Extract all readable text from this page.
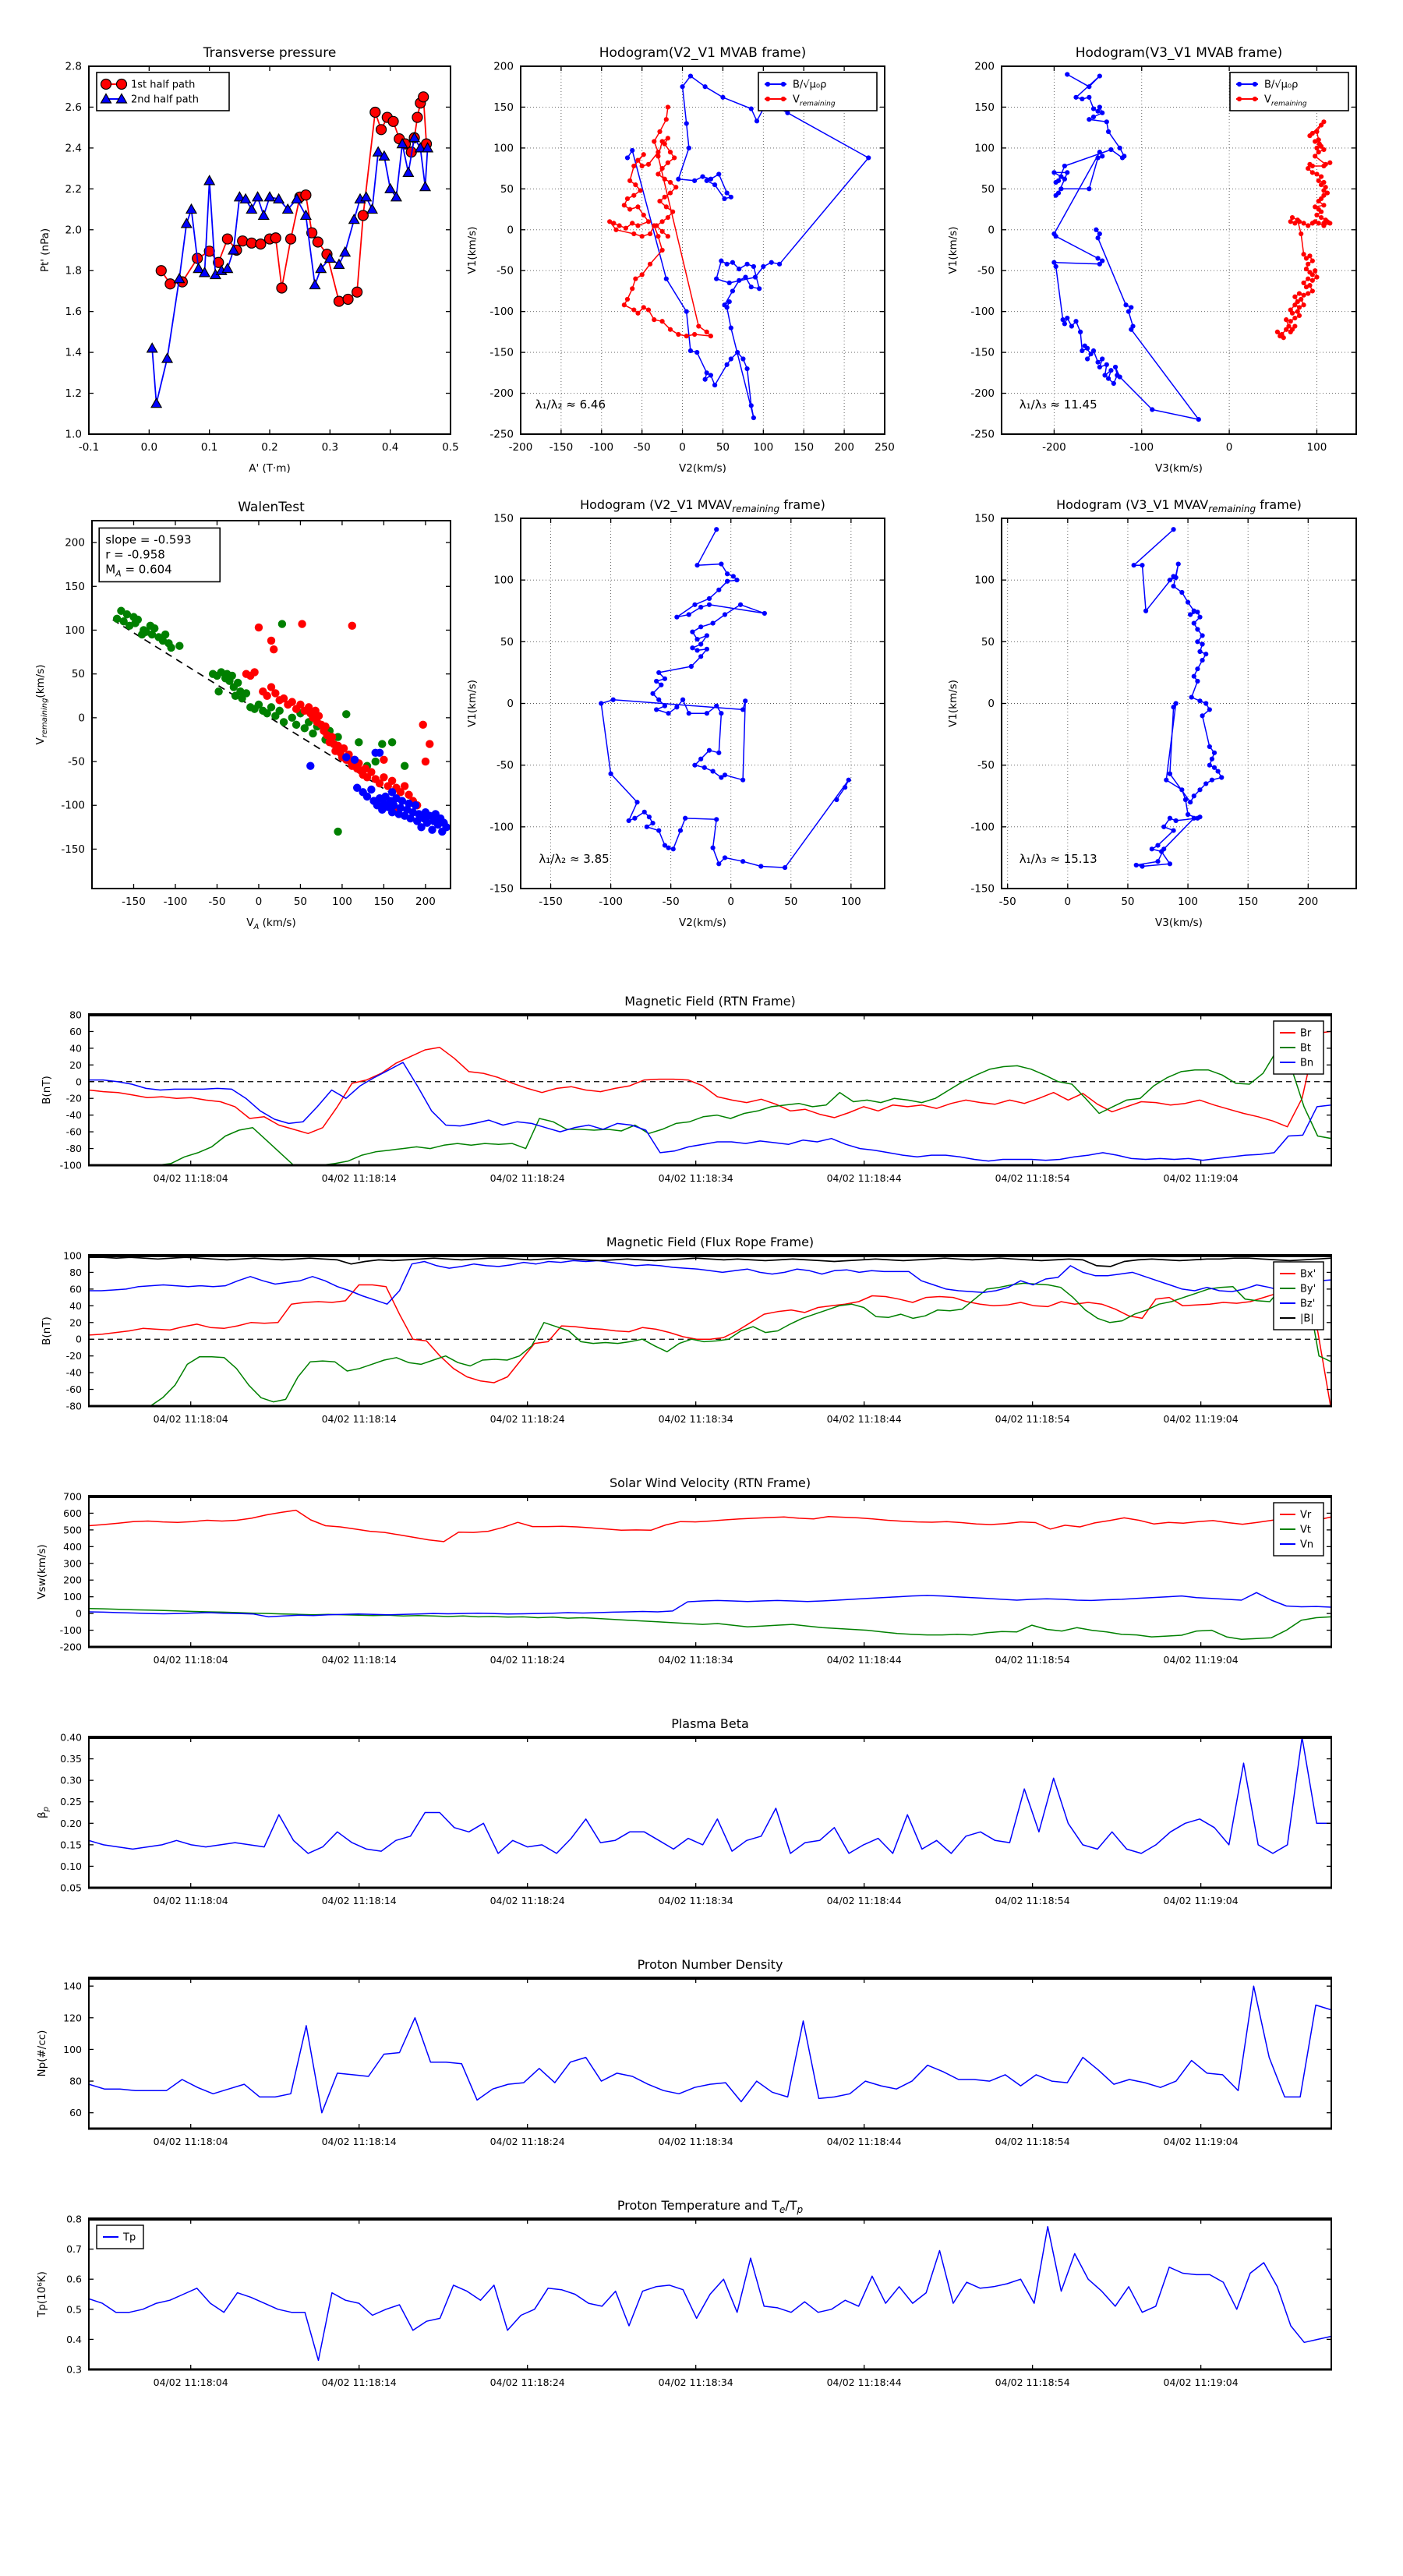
-0.1	0.0	0.1	0.2	0.3	0.4	0.5
1.0
1.2
1.4
1.6
1.8
2.0
2.2
2.4
2.6
2.8
Transverse pressure
A' (T·m)
Pt' (nPa)
1st half path
2nd half path
-200 -150 -100 -50	0	50 100 150 200 250
-250
-200
-150
-100
-50
0
50
100
150
200
Hodogram(V2_V1 MVAB frame)
V2(km/s)
V1(km/s)
λ₁/λ₂ ≈ 6.46
B/√μ₀ρ
$V_{remaining}$
-200	-100	0	100
-250
-200
-150
-100
-50
0
50
100
150
200
Hodogram(V3_V1 MVAB frame)
V3(km/s)
V1(km/s)
λ₁/λ₃ ≈ 11.45
B/√μ₀ρ
$V_{remaining}$
-150 -100 -50	0	50 100 150 200
-150
-100
-50
0
50
100
150
200
WalenTest
$V_A$ (km/s)
$V_{remaining}(km/s)$
slope = -0.593
r = -0.958
$M_A = 0.604$
-150	-100	-50	0	50	100
-150
-100
-50
0
50
100
150
Hodogram (V2_V1 $MVAV_{remaining}$ frame)
V2(km/s)
V1(km/s)
λ₁/λ₂ ≈ 3.85
-50	0	50	100	150	200
-150
-100
-50
0
50
100
150
Hodogram (V3_V1 $MVAV_{remaining}$ frame)
V3(km/s)
V1(km/s)
λ₁/λ₃ ≈ 15.13
04/02 11:18:04	04/02 11:18:14	04/02 11:18:24	04/02 11:18:34	04/02 11:18:44	04/02 11:18:54	04/02 11:19:04
-100
-80
-60
-40
-20
0
20
40
60
80
Magnetic Field (RTN Frame)
B(nT)
Br
Bt
Bn
04/02 11:18:04	04/02 11:18:14	04/02 11:18:24	04/02 11:18:34	04/02 11:18:44	04/02 11:18:54	04/02 11:19:04
-80
-60
-40
-20
0
20
40
60
80
100
Magnetic Field (Flux Rope Frame)
B(nT)
Bx'
By'
Bz'
|B|
04/02 11:18:04	04/02 11:18:14	04/02 11:18:24	04/02 11:18:34	04/02 11:18:44	04/02 11:18:54	04/02 11:19:04
-200
-100
0
100
200
300
400
500
600
700
Solar Wind Velocity (RTN Frame)
Vsw(km/s)
Vr
Vt
Vn
04/02 11:18:04	04/02 11:18:14	04/02 11:18:24	04/02 11:18:34	04/02 11:18:44	04/02 11:18:54	04/02 11:19:04
0.05
0.10
0.15
0.20
0.25
0.30
0.35
0.40
Plasma Beta
$\beta_p$
04/02 11:18:04	04/02 11:18:14	04/02 11:18:24	04/02 11:18:34	04/02 11:18:44	04/02 11:18:54	04/02 11:19:04
60
80
100
120
140
Proton Number Density
Np(#/cc)
04/02 11:18:04	04/02 11:18:14	04/02 11:18:24	04/02 11:18:34	04/02 11:18:44	04/02 11:18:54	04/02 11:19:04
0.3
0.4
0.5
0.6
0.7
0.8
Proton Temperature and $T_e/T_p$
Tp(10⁶K)
Tp
